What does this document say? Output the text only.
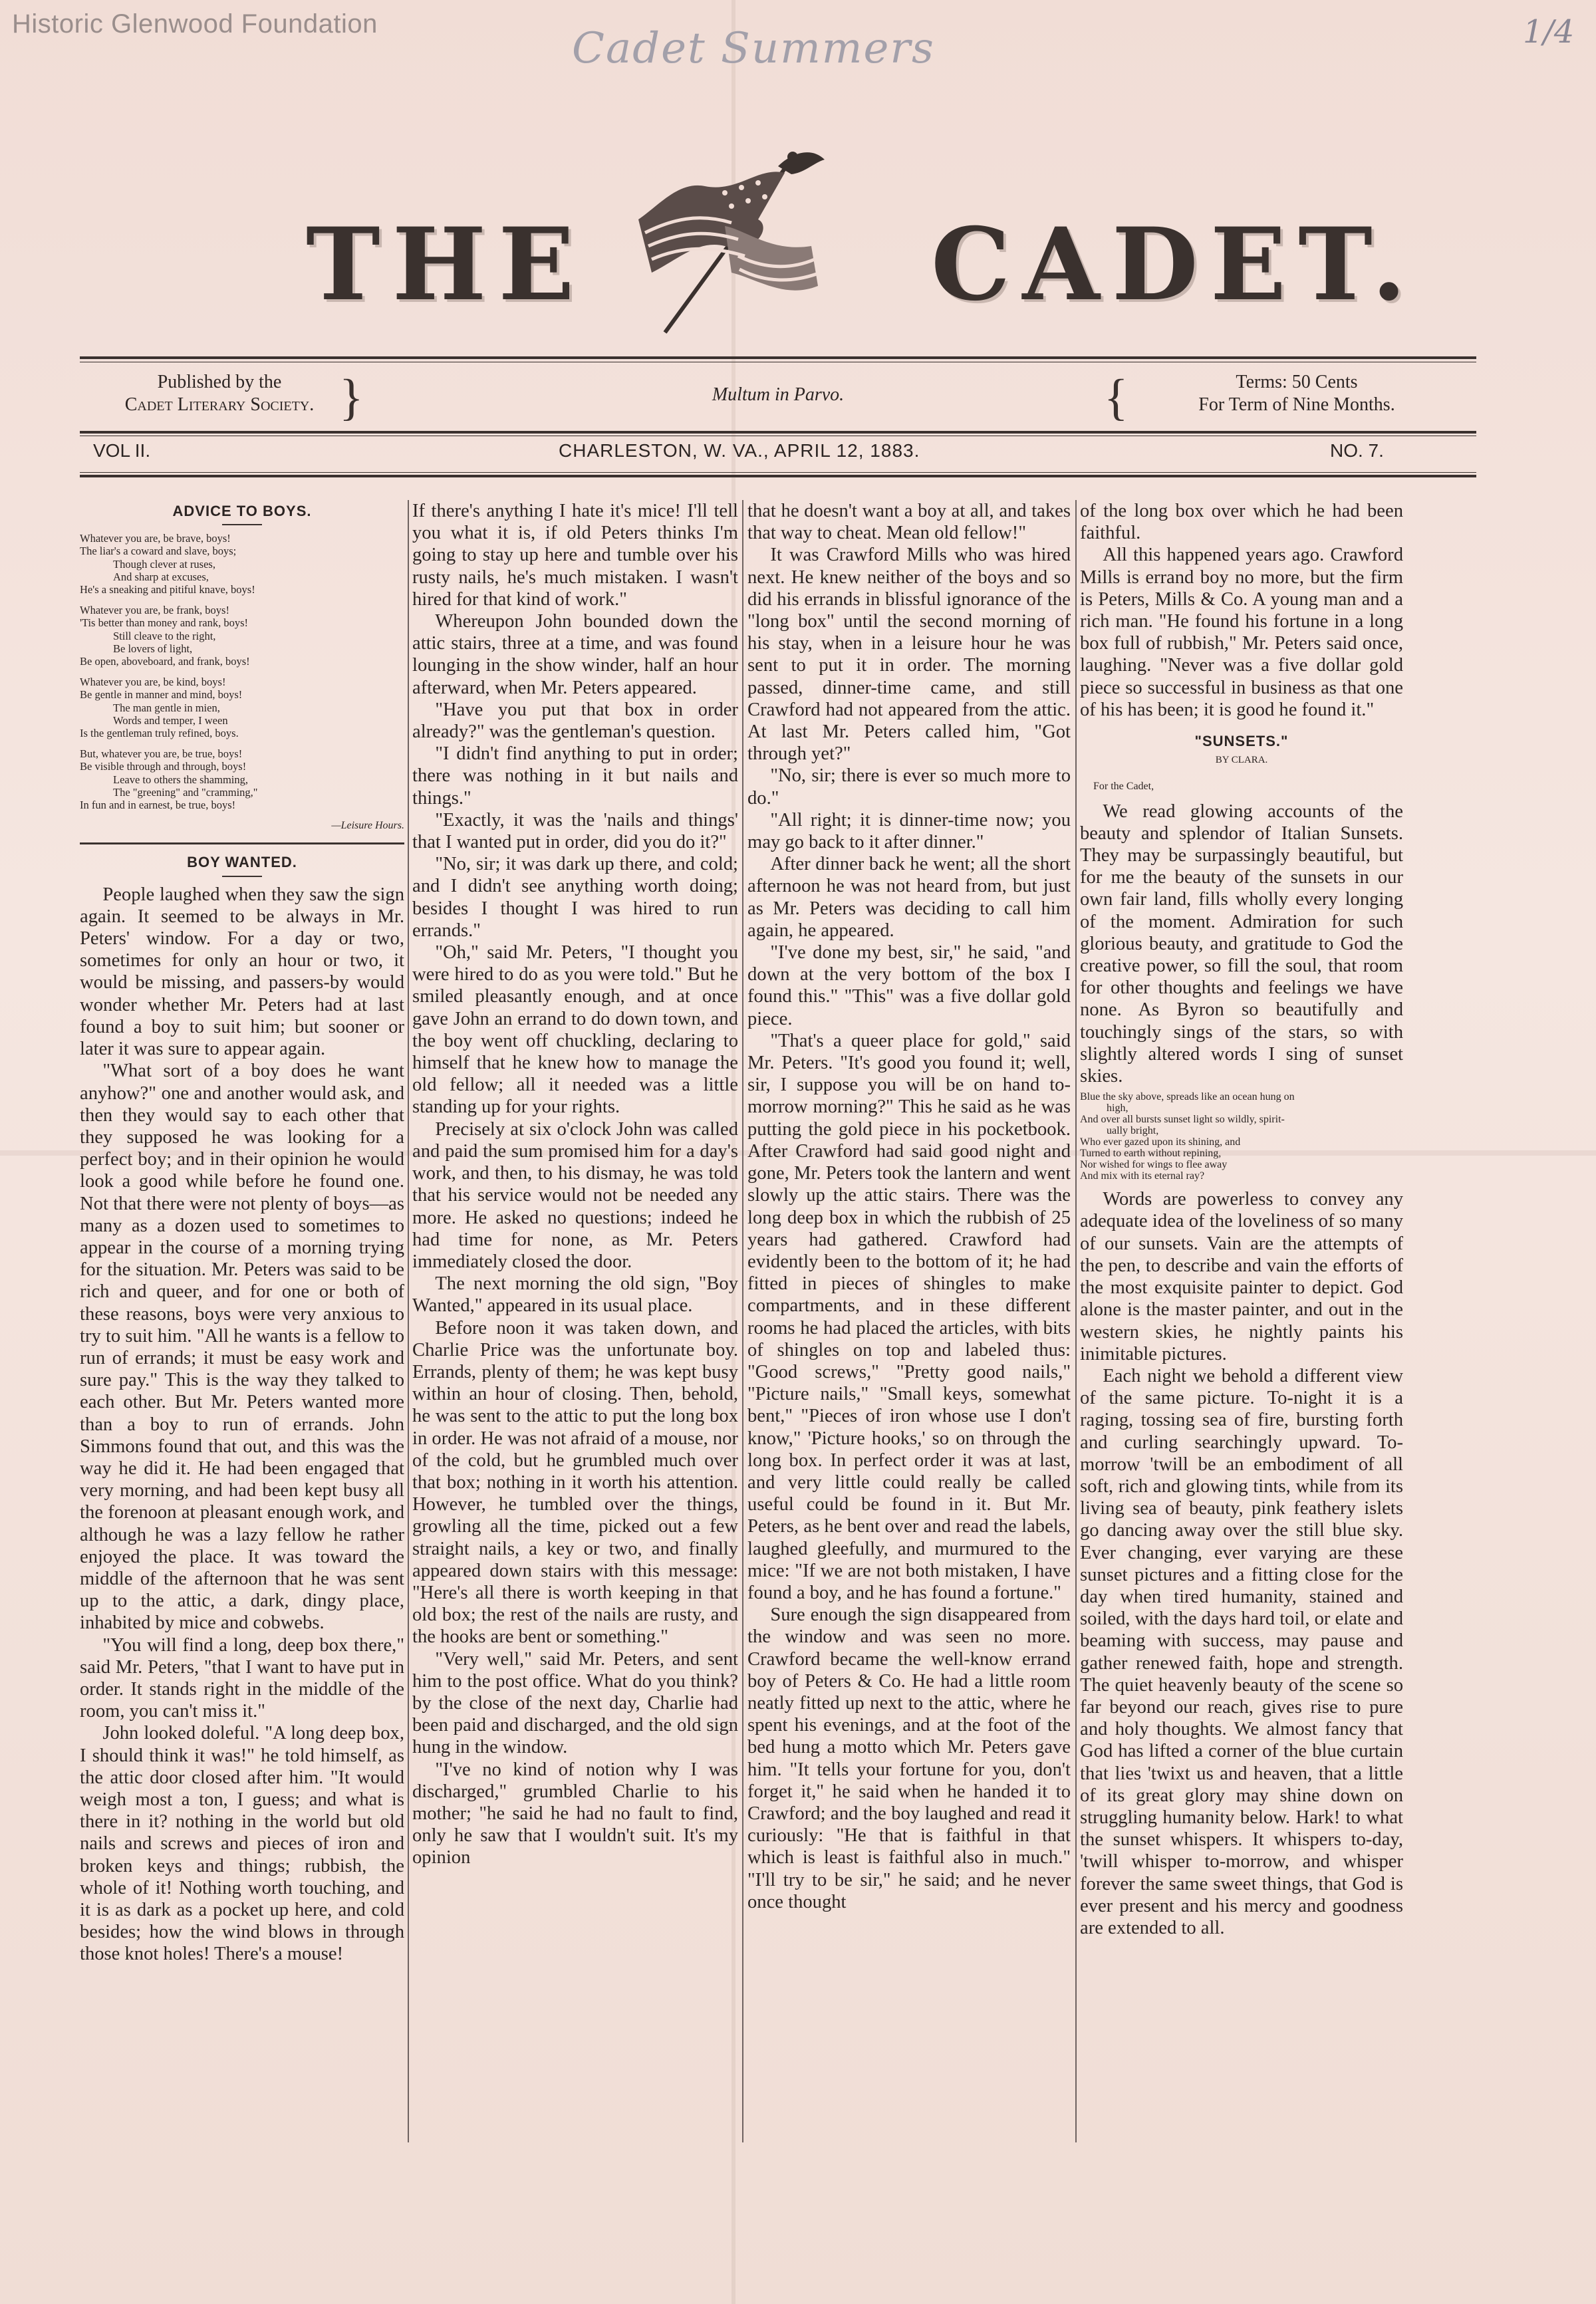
Historic Glenwood Foundation	Cadet Summers	1/4
THE	CADET.
Published by the
Cadet Literary Society. }	Multum in Parvo.	{	Terms: 50 Cents
For Term of Nine Months.
VOL II.	CHARLESTON, W. VA., APRIL 12, 1883.	NO. 7.
ADVICE TO BOYS.
Whatever you are, be brave, boys!
The liar's a coward and slave, boys;
Though clever at ruses,
And sharp at excuses,
He's a sneaking and pitiful knave, boys!
Whatever you are, be frank, boys!
'Tis better than money and rank, boys!
Still cleave to the right,
Be lovers of light,
Be open, aboveboard, and frank, boys!
Whatever you are, be kind, boys!
Be gentle in manner and mind, boys!
The man gentle in mien,
Words and temper, I ween
Is the gentleman truly refined, boys.
But, whatever you are, be true, boys!
Be visible through and through, boys!
Leave to others the shamming,
The "greening" and "cramming,"
In fun and in earnest, be true, boys!
—Leisure Hours.
BOY WANTED.

People laughed when they saw the sign again. It seemed to be always in Mr. Peters' window. For a day or two, sometimes for only an hour or two, it would be missing, and passers-by would wonder whether Mr. Peters had at last found a boy to suit him; but sooner or later it was sure to appear again.

"What sort of a boy does he want anyhow?" one and another would ask, and then they would say to each other that they supposed he was looking for a perfect boy; and in their opinion he would look a good while before he found one. Not that there were not plenty of boys—as many as a dozen used to sometimes to appear in the course of a morning trying for the situation. Mr. Peters was said to be rich and queer, and for one or both of these reasons, boys were very anxious to try to suit him. "All he wants is a fellow to run of errands; it must be easy work and sure pay." This is the way they talked to each other. But Mr. Peters wanted more than a boy to run of errands. John Simmons found that out, and this was the way he did it. He had been engaged that very morning, and had been kept busy all the forenoon at pleasant enough work, and although he was a lazy fellow he rather enjoyed the place. It was toward the middle of the afternoon that he was sent up to the attic, a dark, dingy place, inhabited by mice and cobwebs.

"You will find a long, deep box there," said Mr. Peters, "that I want to have put in order. It stands right in the middle of the room, you can't miss it."

John looked doleful. "A long deep box, I should think it was!" he told himself, as the attic door closed after him. "It would weigh most a ton, I guess; and what is there in it? nothing in the world but old nails and screws and pieces of iron and broken keys and things; rubbish, the whole of it! Nothing worth touching, and it is as dark as a pocket up here, and cold besides; how the wind blows in through those knot holes! There's a mouse!

If there's anything I hate it's mice! I'll tell you what it is, if old Peters thinks I'm going to stay up here and tumble over his rusty nails, he's much mistaken. I wasn't hired for that kind of work."

Whereupon John bounded down the attic stairs, three at a time, and was found lounging in the show winder, half an hour afterward, when Mr. Peters appeared.

"Have you put that box in order already?" was the gentleman's question.

"I didn't find anything to put in order; there was nothing in it but nails and things."

"Exactly, it was the 'nails and things' that I wanted put in order, did you do it?"

"No, sir; it was dark up there, and cold; and I didn't see anything worth doing; besides I thought I was hired to run errands."

"Oh," said Mr. Peters, "I thought you were hired to do as you were told." But he smiled pleasantly enough, and at once gave John an errand to do down town, and the boy went off chuckling, declaring to himself that he knew how to manage the old fellow; all it needed was a little standing up for your rights.

Precisely at six o'clock John was called and paid the sum promised him for a day's work, and then, to his dismay, he was told that his service would not be needed any more. He asked no questions; indeed he had time for none, as Mr. Peters immediately closed the door.

The next morning the old sign, "Boy Wanted," appeared in its usual place.

Before noon it was taken down, and Charlie Price was the unfortunate boy. Errands, plenty of them; he was kept busy within an hour of closing. Then, behold, he was sent to the attic to put the long box in order. He was not afraid of a mouse, nor of the cold, but he grumbled much over that box; nothing in it worth his attention. However, he tumbled over the things, growling all the time, picked out a few straight nails, a key or two, and finally appeared down stairs with this message: "Here's all there is worth keeping in that old box; the rest of the nails are rusty, and the hooks are bent or something."

"Very well," said Mr. Peters, and sent him to the post office. What do you think? by the close of the next day, Charlie had been paid and discharged, and the old sign hung in the window.

"I've no kind of notion why I was discharged," grumbled Charlie to his mother; "he said he had no fault to find, only he saw that I wouldn't suit. It's my opinion

that he doesn't want a boy at all, and takes that way to cheat. Mean old fellow!"

It was Crawford Mills who was hired next. He knew neither of the boys and so did his errands in blissful ignorance of the "long box" until the second morning of his stay, when in a leisure hour he was sent to put it in order. The morning passed, dinner-time came, and still Crawford had not appeared from the attic. At last Mr. Peters called him, "Got through yet?"

"No, sir; there is ever so much more to do."

"All right; it is dinner-time now; you may go back to it after dinner."

After dinner back he went; all the short afternoon he was not heard from, but just as Mr. Peters was deciding to call him again, he appeared.

"I've done my best, sir," he said, "and down at the very bottom of the box I found this." "This" was a five dollar gold piece.

"That's a queer place for gold," said Mr. Peters. "It's good you found it; well, sir, I suppose you will be on hand to-morrow morning?" This he said as he was putting the gold piece in his pocketbook. After Crawford had said good night and gone, Mr. Peters took the lantern and went slowly up the attic stairs. There was the long deep box in which the rubbish of 25 years had gathered. Crawford had evidently been to the bottom of it; he had fitted in pieces of shingles to make compartments, and in these different rooms he had placed the articles, with bits of shingles on top and labeled thus: "Good screws," "Pretty good nails," "Picture nails," "Small keys, somewhat bent," "Pieces of iron whose use I don't know," 'Picture hooks,' so on through the long box. In perfect order it was at last, and very little could really be called useful could be found in it. But Mr. Peters, as he bent over and read the labels, laughed gleefully, and murmured to the mice: "If we are not both mistaken, I have found a boy, and he has found a fortune."

Sure enough the sign disappeared from the window and was seen no more. Crawford became the well-know errand boy of Peters & Co. He had a little room neatly fitted up next to the attic, where he spent his evenings, and at the foot of the bed hung a motto which Mr. Peters gave him. "It tells your fortune for you, don't forget it," he said when he handed it to Crawford; and the boy laughed and read it curiously: "He that is faithful in that which is least is faithful also in much." "I'll try to be sir," he said; and he never once thought

of the long box over which he had been faithful.

All this happened years ago. Crawford Mills is errand boy no more, but the firm is Peters, Mills & Co. A young man and a rich man. "He found his fortune in a long box full of rubbish," Mr. Peters said once, laughing. "Never was a five dollar gold piece so successful in business as that one of his has been; it is good he found it."

"SUNSETS."
BY CLARA.
For the Cadet,

We read glowing accounts of the beauty and splendor of Italian Sunsets. They may be surpassingly beautiful, but for me the beauty of the sunsets in our own fair land, fills wholly every longing of the moment. Admiration for such glorious beauty, and gratitude to God the creative power, so fill the soul, that room for other thoughts and feelings we have none. As Byron so beautifully and touchingly sings of the stars, so with slightly altered words I sing of sunset skies.

Blue the sky above, spreads like an ocean hung on
high,
And over all bursts sunset light so wildly, spirit-
ually bright,
Who ever gazed upon its shining, and
Turned to earth without repining,
Nor wished for wings to flee away
And mix with its eternal ray?

Words are powerless to convey any adequate idea of the loveliness of so many of our sunsets. Vain are the attempts of the pen, to describe and vain the efforts of the most exquisite painter to depict. God alone is the master painter, and out in the western skies, he nightly paints his inimitable pictures.

Each night we behold a different view of the same picture. To-night it is a raging, tossing sea of fire, bursting forth and curling searchingly upward. To-morrow 'twill be an embodiment of all soft, rich and glowing tints, while from its living sea of beauty, pink feathery islets go dancing away over the still blue sky. Ever changing, ever varying are these sunset pictures and a fitting close for the day when tired humanity, stained and soiled, with the days hard toil, or elate and beaming with success, may pause and gather renewed faith, hope and strength. The quiet heavenly beauty of the scene so far beyond our reach, gives rise to pure and holy thoughts. We almost fancy that God has lifted a corner of the blue curtain that lies 'twixt us and heaven, that a little of its great glory may shine down on struggling humanity below. Hark! to what the sunset whispers. It whispers to-day, 'twill whisper to-morrow, and whisper forever the same sweet things, that God is ever present and his mercy and goodness are extended to all.
